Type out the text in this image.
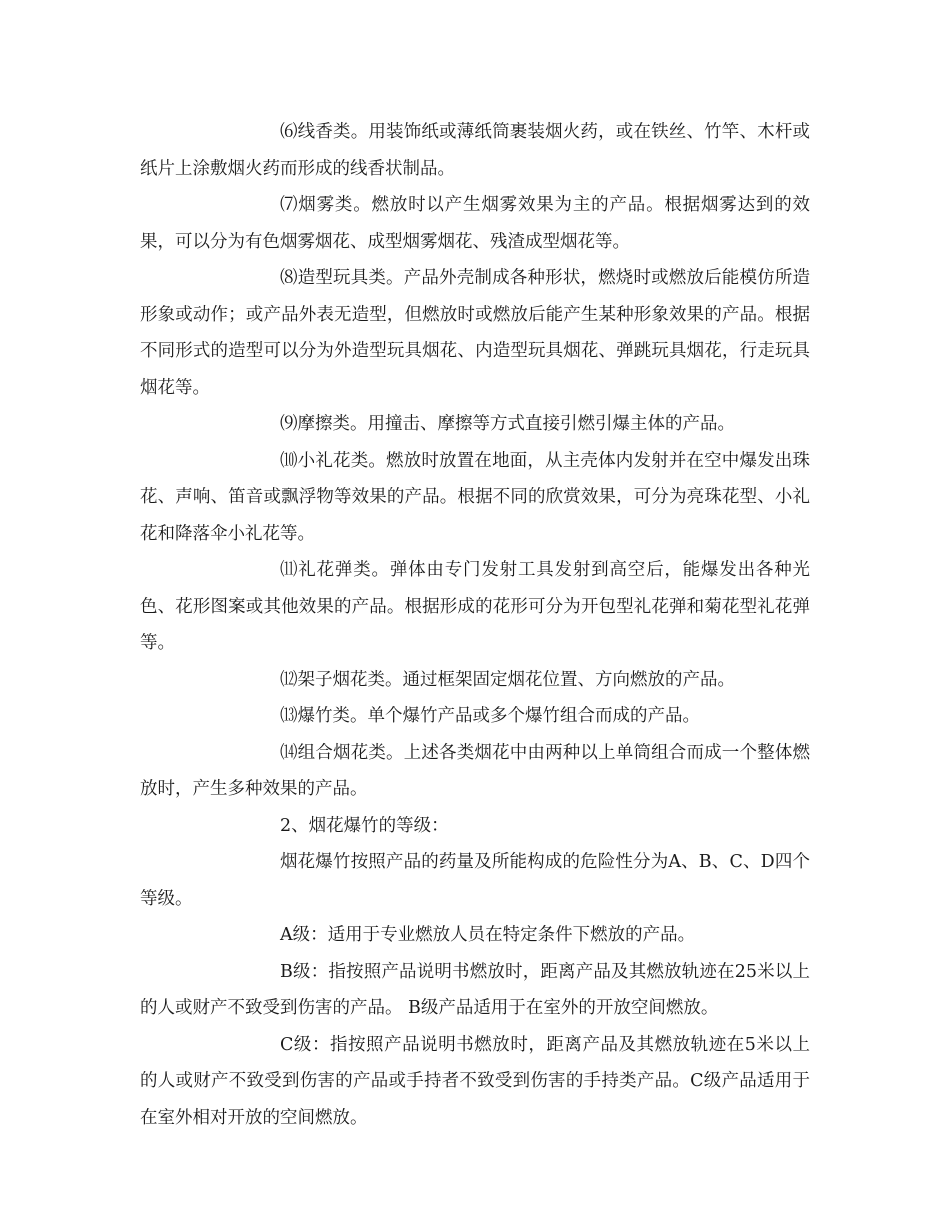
⑹线香类。用装饰纸或薄纸筒裹装烟火药，或在铁丝、竹竿、木杆或纸片上涂敷烟火药而形成的线香状制品。

⑺烟雾类。燃放时以产生烟雾效果为主的产品。根据烟雾达到的效果，可以分为有色烟雾烟花、成型烟雾烟花、残渣成型烟花等。

⑻造型玩具类。产品外壳制成各种形状，燃烧时或燃放后能模仿所造形象或动作；或产品外表无造型，但燃放时或燃放后能产生某种形象效果的产品。根据不同形式的造型可以分为外造型玩具烟花、内造型玩具烟花、弹跳玩具烟花，行走玩具烟花等。

⑼摩擦类。用撞击、摩擦等方式直接引燃引爆主体的产品。

⑽小礼花类。燃放时放置在地面，从主壳体内发射并在空中爆发出珠花、声响、笛音或飘浮物等效果的产品。根据不同的欣赏效果，可分为亮珠花型、小礼花和降落伞小礼花等。

⑾礼花弹类。弹体由专门发射工具发射到高空后，能爆发出各种光色、花形图案或其他效果的产品。根据形成的花形可分为开包型礼花弹和菊花型礼花弹等。

⑿架子烟花类。通过框架固定烟花位置、方向燃放的产品。

⒀爆竹类。单个爆竹产品或多个爆竹组合而成的产品。

⒁组合烟花类。上述各类烟花中由两种以上单筒组合而成一个整体燃放时，产生多种效果的产品。

2、烟花爆竹的等级：

烟花爆竹按照产品的药量及所能构成的危险性分为A、B、C、D四个等级。

A级：适用于专业燃放人员在特定条件下燃放的产品。

B级：指按照产品说明书燃放时，距离产品及其燃放轨迹在25米以上的人或财产不致受到伤害的产品。 B级产品适用于在室外的开放空间燃放。

C级：指按照产品说明书燃放时，距离产品及其燃放轨迹在5米以上的人或财产不致受到伤害的产品或手持者不致受到伤害的手持类产品。C级产品适用于在室外相对开放的空间燃放。
